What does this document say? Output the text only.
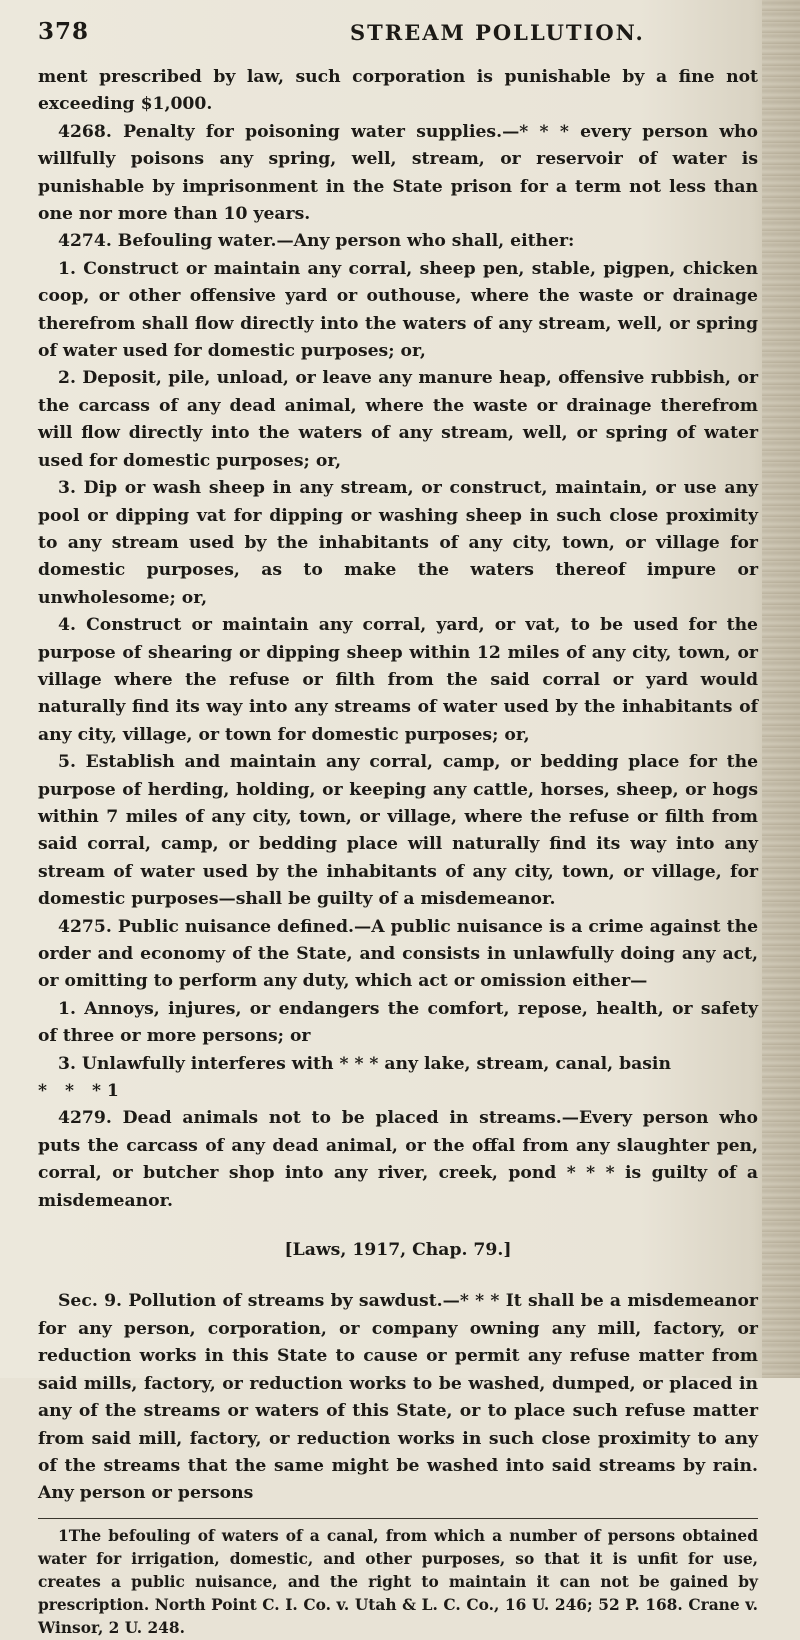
378	STREAM POLLUTION.

ment prescribed by law, such corporation is punishable by a fine not exceeding $1,000.

4268. Penalty for poisoning water supplies.—* * * every person who willfully poisons any spring, well, stream, or reservoir of water is punishable by imprisonment in the State prison for a term not less than one nor more than 10 years.

4274. Befouling water.—Any person who shall, either:

1. Construct or maintain any corral, sheep pen, stable, pigpen, chicken coop, or other offensive yard or outhouse, where the waste or drainage therefrom shall flow directly into the waters of any stream, well, or spring of water used for domestic purposes; or,

2. Deposit, pile, unload, or leave any manure heap, offensive rubbish, or the carcass of any dead animal, where the waste or drainage therefrom will flow directly into the waters of any stream, well, or spring of water used for domestic purposes; or,

3. Dip or wash sheep in any stream, or construct, maintain, or use any pool or dipping vat for dipping or washing sheep in such close proximity to any stream used by the inhabitants of any city, town, or village for domestic purposes, as to make the waters thereof impure or unwholesome; or,

4. Construct or maintain any corral, yard, or vat, to be used for the purpose of shearing or dipping sheep within 12 miles of any city, town, or village where the refuse or filth from the said corral or yard would naturally find its way into any streams of water used by the inhabitants of any city, village, or town for domestic purposes; or,

5. Establish and maintain any corral, camp, or bedding place for the purpose of herding, holding, or keeping any cattle, horses, sheep, or hogs within 7 miles of any city, town, or village, where the refuse or filth from said corral, camp, or bedding place will naturally find its way into any stream of water used by the inhabitants of any city, town, or village, for domestic purposes—shall be guilty of a misdemeanor.

4275. Public nuisance defined.—A public nuisance is a crime against the order and economy of the State, and consists in unlawfully doing any act, or omitting to perform any duty, which act or omission either—

1. Annoys, injures, or endangers the comfort, repose, health, or safety of three or more persons; or

3. Unlawfully interferes with * * * any lake, stream, canal, basin

* * *1

4279. Dead animals not to be placed in streams.—Every person who puts the carcass of any dead animal, or the offal from any slaughter pen, corral, or butcher shop into any river, creek, pond * * * is guilty of a misdemeanor.

[Laws, 1917, Chap. 79.]

Sec. 9. Pollution of streams by sawdust.—* * * It shall be a misdemeanor for any person, corporation, or company owning any mill, factory, or reduction works in this State to cause or permit any refuse matter from said mills, factory, or reduction works to be washed, dumped, or placed in any of the streams or waters of this State, or to place such refuse matter from said mill, factory, or reduction works in such close proximity to any of the streams that the same might be washed into said streams by rain. Any person or persons

1The befouling of waters of a canal, from which a number of persons obtained water for irrigation, domestic, and other purposes, so that it is unfit for use, creates a public nuisance, and the right to maintain it can not be gained by prescription. North Point C. I. Co. v. Utah & L. C. Co., 16 U. 246; 52 P. 168. Crane v. Winsor, 2 U. 248.
